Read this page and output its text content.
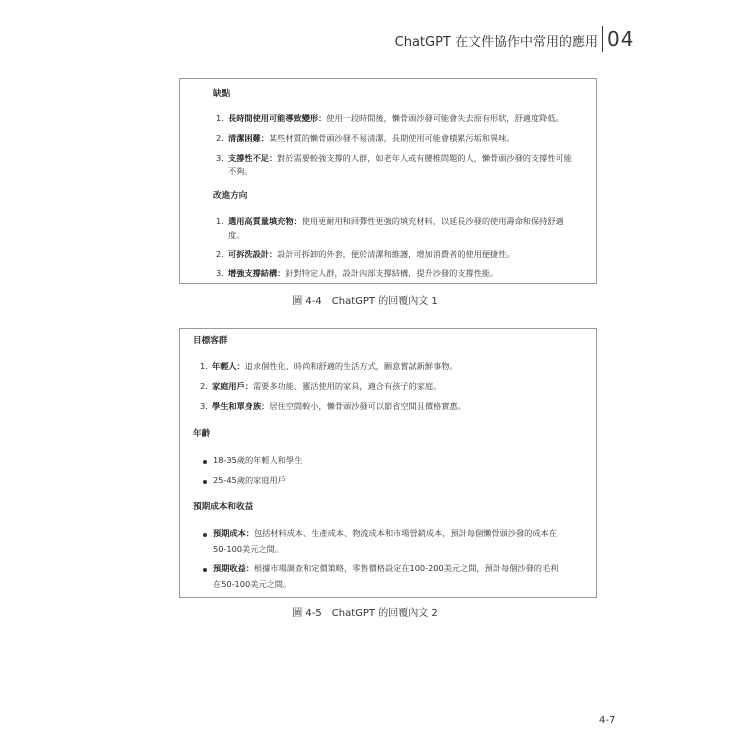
ChatGPT 在文件協作中常用的應用 04
缺點
1. 長時間使用可能導致變形：使用一段時間後，懶骨頭沙發可能會失去原有形狀，舒適度降低。
2. 清潔困難：某些材質的懶骨頭沙發不易清潔，長期使用可能會積累污垢和異味。
3. 支撐性不足：對於需要較強支撐的人群，如老年人或有腰椎問題的人，懶骨頭沙發的支撐性可能
不夠。
改進方向
1. 選用高質量填充物：使用更耐用和回彈性更強的填充材料，以延長沙發的使用壽命和保持舒適
度。
2. 可拆洗設計：設計可拆卸的外套，便於清潔和維護，增加消費者的使用便捷性。
3. 增強支撐結構：針對特定人群，設計內部支撐結構，提升沙發的支撐性能。
圖 4-4　ChatGPT 的回覆內文 1
目標客群
1. 年輕人：追求個性化、時尚和舒適的生活方式，願意嘗試新鮮事物。
2. 家庭用戶：需要多功能、靈活使用的家具，適合有孩子的家庭。
3. 學生和單身族：居住空間較小，懶骨頭沙發可以節省空間且價格實惠。
年齡
18-35歲的年輕人和學生
25-45歲的家庭用戶
預期成本和收益
預期成本：包括材料成本、生產成本、物流成本和市場營銷成本，預計每個懶骨頭沙發的成本在
50-100美元之間。
預期收益：根據市場調查和定價策略，零售價格設定在100-200美元之間，預計每個沙發的毛利
在50-100美元之間。
圖 4-5　ChatGPT 的回覆內文 2
4-7
